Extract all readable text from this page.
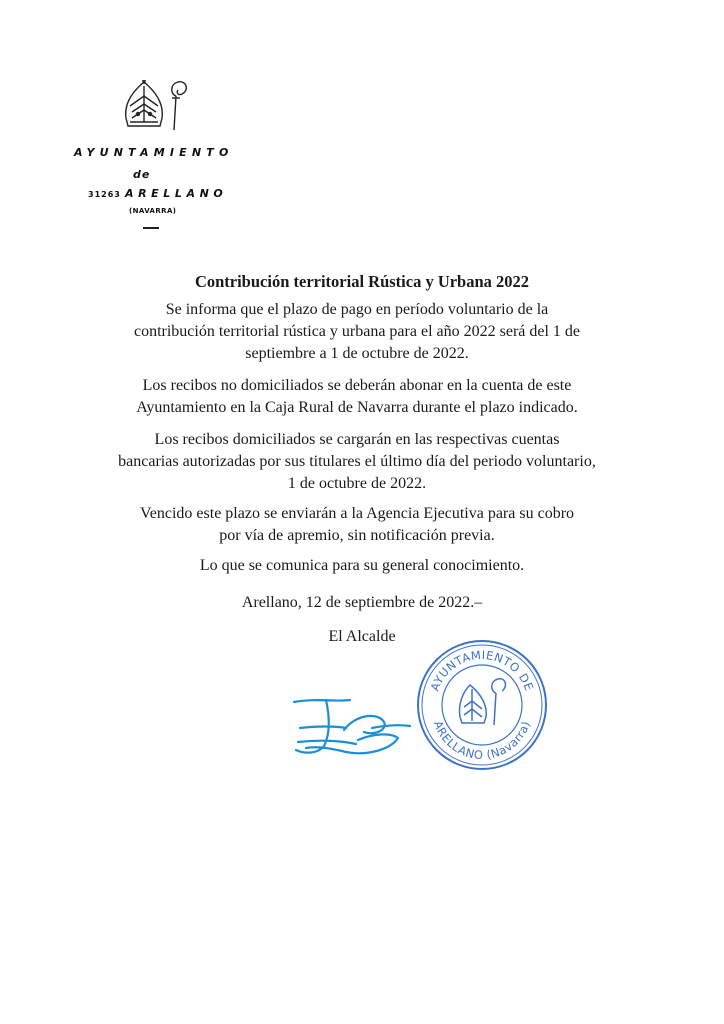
AYUNTAMIENTO
de
31263 ARELLANO
(NAVARRA)
Contribución territorial Rústica y Urbana 2022

Se informa que el plazo de pago en período voluntario de la

contribución territorial rústica y urbana para el año 2022 será del 1 de

septiembre a 1 de octubre de 2022.

Los recibos no domiciliados se deberán abonar en la cuenta de este

Ayuntamiento en la Caja Rural de Navarra durante el plazo indicado.

Los recibos domiciliados se cargarán en las respectivas cuentas

bancarias autorizadas por sus titulares el último día del periodo voluntario,

1 de octubre de 2022.

Vencido este plazo se enviarán a la Agencia Ejecutiva para su cobro

por vía de apremio, sin notificación previa.

Lo que se comunica para su general conocimiento.
Arellano, 12 de septiembre de 2022.–
El Alcalde
AYUNTAMIENTO DE
ARELLANO (Navarra)
